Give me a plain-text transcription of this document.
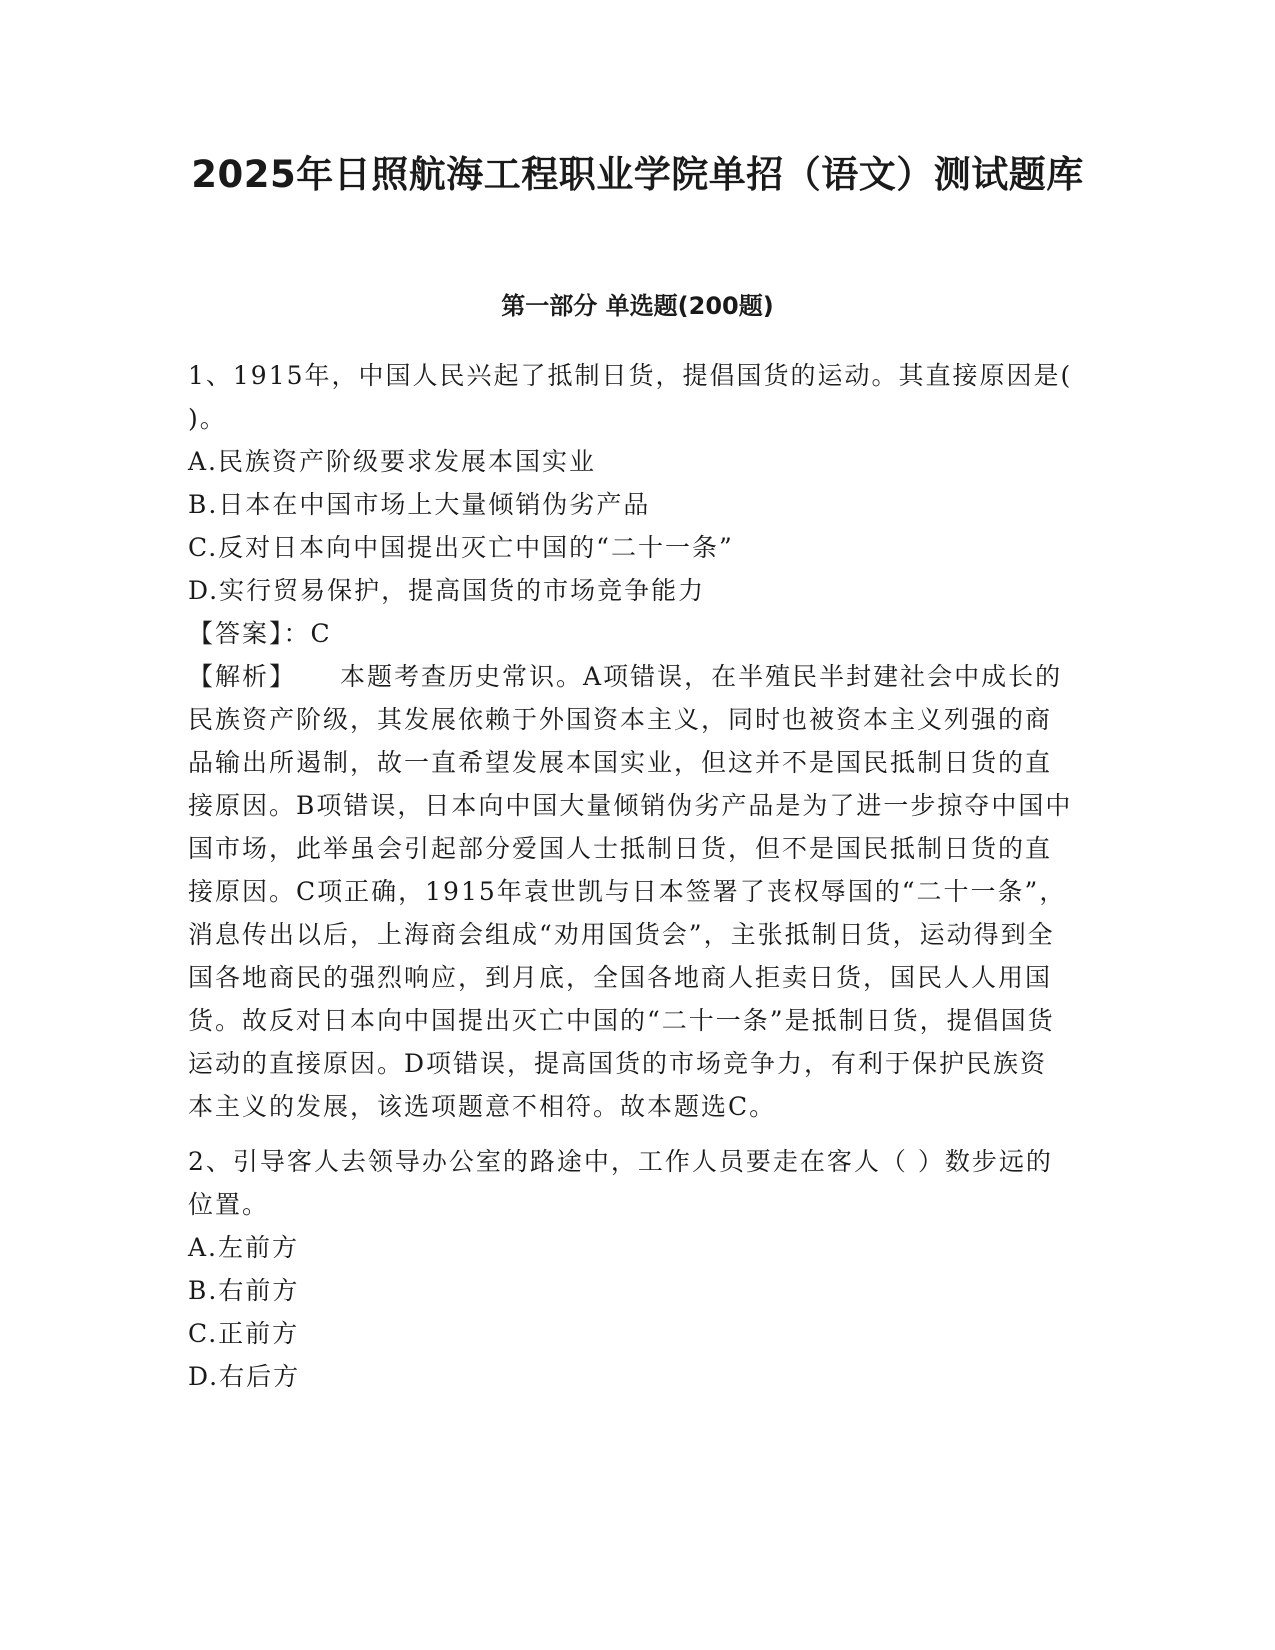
2025年日照航海工程职业学院单招（语文）测试题库
第一部分 单选题(200题)

1、1915年，中国人民兴起了抵制日货，提倡国货的运动。其直接原因是( )。

A.民族资产阶级要求发展本国实业

B.日本在中国市场上大量倾销伪劣产品

C.反对日本向中国提出灭亡中国的“二十一条”

D.实行贸易保护，提高国货的市场竞争能力

【答案】：C

【解析】 本题考查历史常识。A项错误，在半殖民半封建社会中成长的民族资产阶级，其发展依赖于外国资本主义，同时也被资本主义列强的商品输出所遏制，故一直希望发展本国实业，但这并不是国民抵制日货的直接原因。B项错误，日本向中国大量倾销伪劣产品是为了进一步掠夺中国中国市场，此举虽会引起部分爱国人士抵制日货，但不是国民抵制日货的直接原因。C项正确，1915年袁世凯与日本签署了丧权辱国的“二十一条”，消息传出以后，上海商会组成“劝用国货会”，主张抵制日货，运动得到全国各地商民的强烈响应，到月底，全国各地商人拒卖日货，国民人人用国货。故反对日本向中国提出灭亡中国的“二十一条”是抵制日货，提倡国货运动的直接原因。D项错误，提高国货的市场竞争力，有利于保护民族资本主义的发展，该选项题意不相符。故本题选C。

2、引导客人去领导办公室的路途中，工作人员要走在客人（ ）数步远的位置。

A.左前方

B.右前方

C.正前方

D.右后方
